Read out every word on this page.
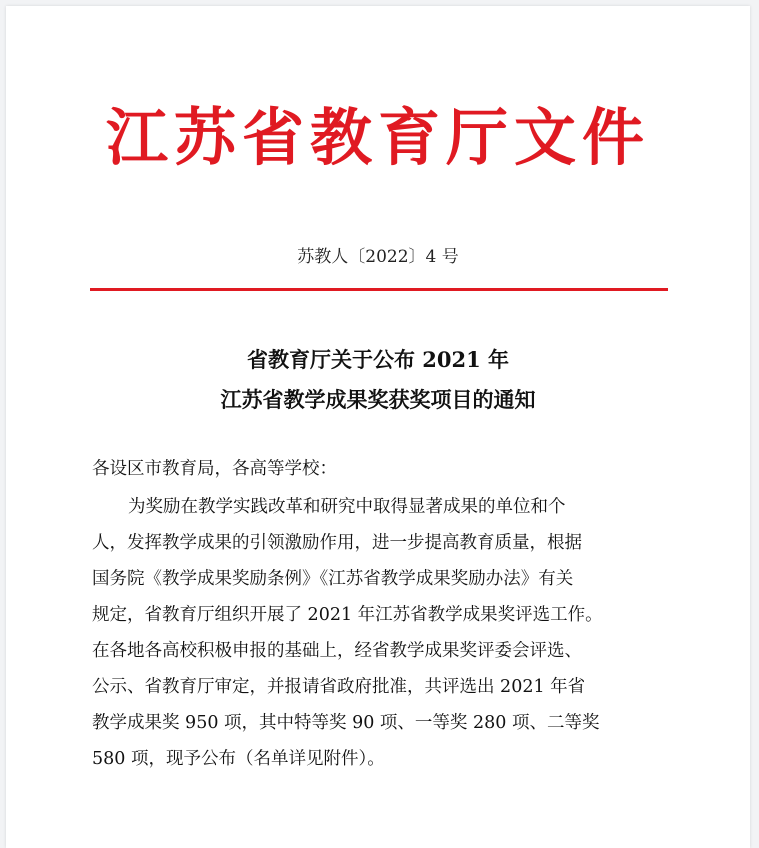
江苏省教育厅文件
苏教人〔2022〕4 号
省教育厅关于公布 2021 年
江苏省教学成果奖获奖项目的通知
各设区市教育局，各高等学校：
为奖励在教学实践改革和研究中取得显著成果的单位和个
人，发挥教学成果的引领激励作用，进一步提高教育质量，根据
国务院《教学成果奖励条例》《江苏省教学成果奖励办法》有关
规定，省教育厅组织开展了 2021 年江苏省教学成果奖评选工作。
在各地各高校积极申报的基础上，经省教学成果奖评委会评选、
公示、省教育厅审定，并报请省政府批准，共评选出 2021 年省
教学成果奖 950 项，其中特等奖 90 项、一等奖 280 项、二等奖
580 项，现予公布（名单详见附件）。
